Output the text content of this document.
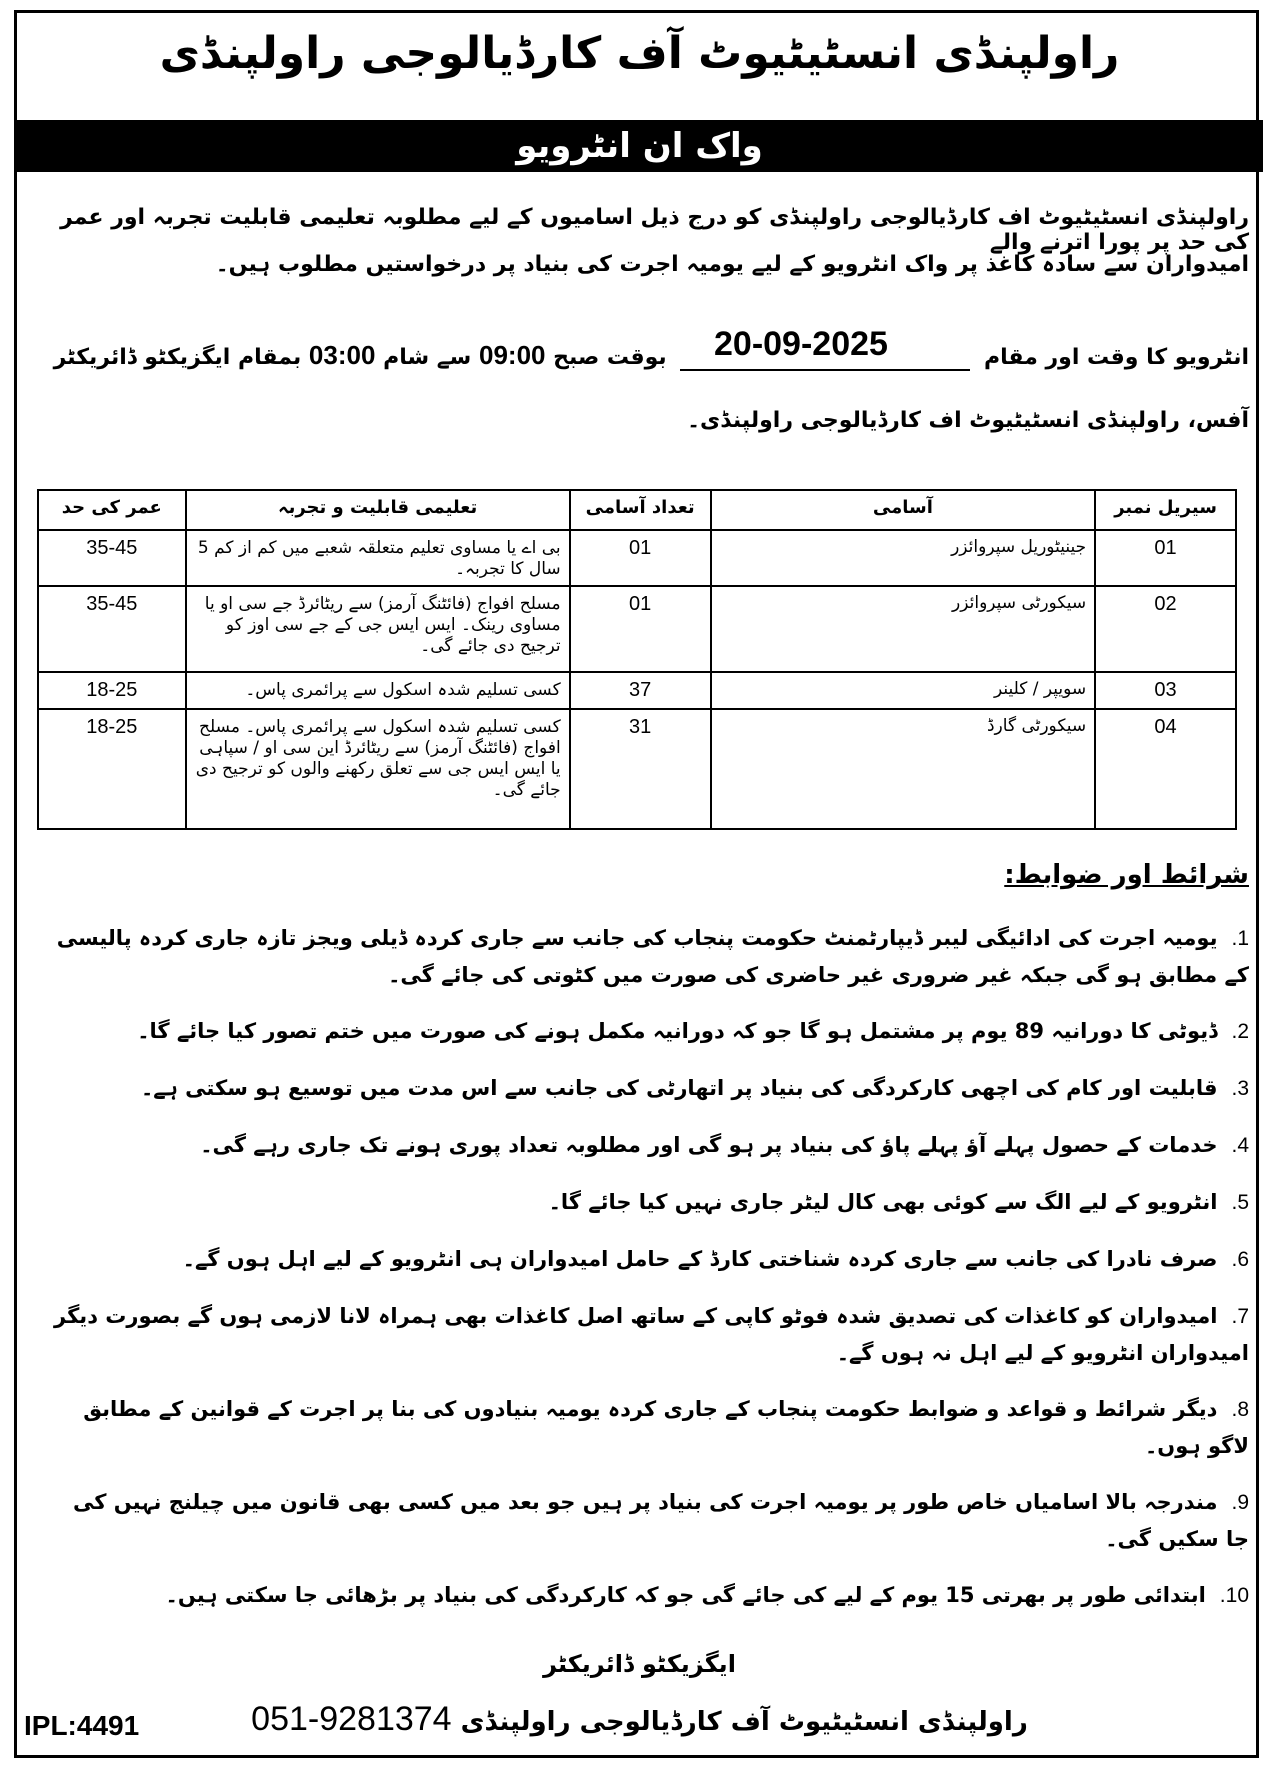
راولپنڈی انسٹیٹیوٹ آف کارڈیالوجی راولپنڈی
واک ان انٹرویو
راولپنڈی انسٹیٹیوٹ اف کارڈیالوجی راولپنڈی کو درج ذیل اسامیوں کے لیے مطلوبہ تعلیمی قابلیت تجربہ اور عمر کی حد پر پورا اترنے والے
امیدواران سے سادہ کاغذ پر واک انٹرویو کے لیے یومیہ اجرت کی بنیاد پر درخواستیں مطلوب ہیں۔
20-09-2025	انٹرویو کا وقت اور مقام  بوقت صبح 09:00 سے شام 03:00 بمقام ایگزیکٹو ڈائریکٹر
آفس، راولپنڈی انسٹیٹیوٹ اف کارڈیالوجی راولپنڈی۔
سیریل نمبر	آسامی	تعداد آسامی	تعلیمی قابلیت و تجربہ	عمر کی حد
01	جینیٹوریل سپروائزر	01	بی اے یا مساوی تعلیم متعلقہ شعبے میں کم از کم 5 سال کا تجربہ۔	35-45
02	سیکورٹی سپروائزر	01	مسلح افواج (فائٹنگ آرمز) سے ریٹائرڈ جے سی او یا مساوی رینک۔ ایس ایس جی کے جے سی اوز کو ترجیح دی جائے گی۔	35-45
03	سویپر / کلینر	37	کسی تسلیم شدہ اسکول سے پرائمری پاس۔	18-25
04	سیکورٹی گارڈ	31	کسی تسلیم شدہ اسکول سے پرائمری پاس۔ مسلح افواج (فائٹنگ آرمز) سے ریٹائرڈ این سی او / سپاہی یا ایس ایس جی سے تعلق رکھنے والوں کو ترجیح دی جائے گی۔	18-25
شرائط اور ضوابط:
1.یومیہ اجرت کی ادائیگی لیبر ڈیپارٹمنٹ حکومت پنجاب کی جانب سے جاری کردہ ڈیلی ویجز تازہ جاری کردہ پالیسی کے مطابق ہو گی جبکہ غیر ضروری غیر حاضری کی صورت میں کٹوتی کی جائے گی۔
2.ڈیوٹی کا دورانیہ 89 یوم پر مشتمل ہو گا جو کہ دورانیہ مکمل ہونے کی صورت میں ختم تصور کیا جائے گا۔
3.قابلیت اور کام کی اچھی کارکردگی کی بنیاد پر اتھارٹی کی جانب سے اس مدت میں توسیع ہو سکتی ہے۔
4.خدمات کے حصول پہلے آؤ پہلے پاؤ کی بنیاد پر ہو گی اور مطلوبہ تعداد پوری ہونے تک جاری رہے گی۔
5.انٹرویو کے لیے الگ سے کوئی بھی کال لیٹر جاری نہیں کیا جائے گا۔
6.صرف نادرا کی جانب سے جاری کردہ شناختی کارڈ کے حامل امیدواران ہی انٹرویو کے لیے اہل ہوں گے۔
7.امیدواران کو کاغذات کی تصدیق شدہ فوٹو کاپی کے ساتھ اصل کاغذات بھی ہمراہ لانا لازمی ہوں گے بصورت دیگر امیدواران انٹرویو کے لیے اہل نہ ہوں گے۔
8.دیگر شرائط و قواعد و ضوابط حکومت پنجاب کے جاری کردہ یومیہ بنیادوں کی بنا پر اجرت کے قوانین کے مطابق لاگو ہوں۔
9.مندرجہ بالا اسامیاں خاص طور پر یومیہ اجرت کی بنیاد پر ہیں جو بعد میں کسی بھی قانون میں چیلنج نہیں کی جا سکیں گی۔
10.ابتدائی طور پر بھرتی 15 یوم کے لیے کی جائے گی جو کہ کارکردگی کی بنیاد پر بڑھائی جا سکتی ہیں۔
ایگزیکٹو ڈائریکٹر
051-9281374 راولپنڈی انسٹیٹیوٹ آف کارڈیالوجی راولپنڈی
IPL:4491
